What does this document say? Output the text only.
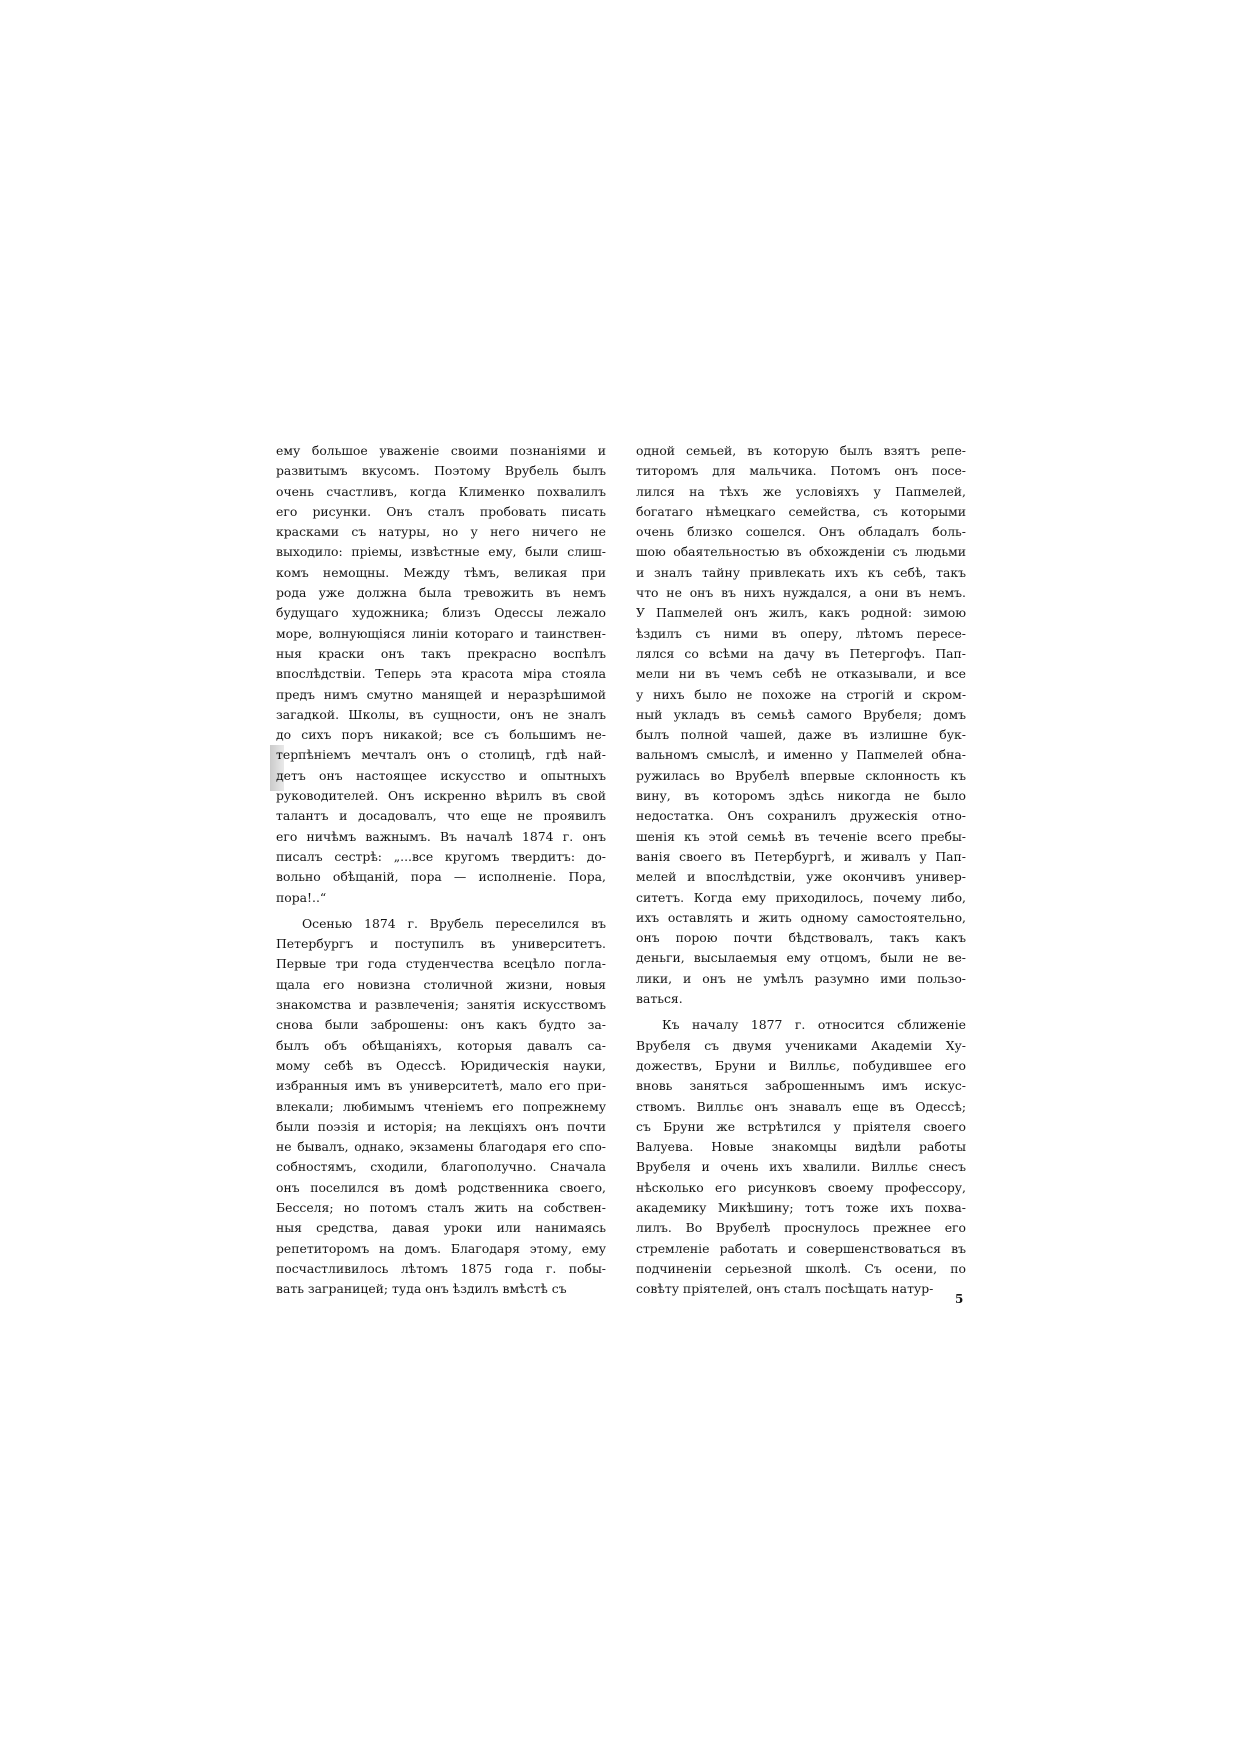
ему большое уваженіе своими познаніями и
развитымъ вкусомъ. Поэтому Врубель былъ
очень счастливъ, когда Клименко похвалилъ
его рисунки. Онъ сталъ пробовать писать
красками съ натуры, но у него ничего не
выходило: пріемы, извѣстные ему, были слиш-
комъ немощны. Между тѣмъ, великая при
рода уже должна была тревожить въ немъ
будущаго художника; близъ Одессы лежало
море, волнующіяся линіи котораго и таинствен-
ныя краски онъ такъ прекрасно воспѣлъ
впослѣдствіи. Теперь эта красота міра стояла
предъ нимъ смутно манящей и неразрѣшимой
загадкой. Школы, въ сущности, онъ не зналъ
до сихъ поръ никакой; все съ большимъ не-
терпѣніемъ мечталъ онъ о столицѣ, гдѣ най-
детъ онъ настоящее искусство и опытныхъ
руководителей. Онъ искренно вѣрилъ въ свой
талантъ и досадовалъ, что еще не проявилъ
его ничѣмъ важнымъ. Въ началѣ 1874 г. онъ
писалъ сестрѣ: „...все кругомъ твердитъ: до-
вольно обѣщаній, пора — исполненіе. Пора,
пора!..“
Осенью 1874 г. Врубель переселился въ
Петербургъ и поступилъ въ университетъ.
Первые три года студенчества всецѣло погла-
щала его новизна столичной жизни, новыя
знакомства и развлеченія; занятія искусствомъ
снова были заброшены: онъ какъ будто за-
былъ объ обѣщаніяхъ, которыя давалъ са-
мому себѣ въ Одессѣ. Юридическія науки,
избранныя имъ въ университетѣ, мало его при-
влекали; любимымъ чтеніемъ его попрежнему
были поэзія и исторія; на лекціяхъ онъ почти
не бывалъ, однако, экзамены благодаря его спо-
собностямъ, сходили, благополучно. Сначала
онъ поселился въ домѣ родственника своего,
Бесселя; но потомъ сталъ жить на собствен-
ныя средства, давая уроки или нанимаясь
репетиторомъ на домъ. Благодаря этому, ему
посчастливилось лѣтомъ 1875 года г. побы-
вать заграницей; туда онъ ѣздилъ вмѣстѣ съ
одной семьей, въ которую былъ взятъ репе-
титоромъ для мальчика. Потомъ онъ посе-
лился на тѣхъ же условіяхъ у Папмелей,
богатаго нѣмецкаго семейства, съ которыми
очень близко сошелся. Онъ обладалъ боль-
шою обаятельностью въ обхожденіи съ людьми
и зналъ тайну привлекать ихъ къ себѣ, такъ
что не онъ въ нихъ нуждался, а они въ немъ.
У Папмелей онъ жилъ, какъ родной: зимою
ѣздилъ съ ними въ оперу, лѣтомъ пересе-
лялся со всѣми на дачу въ Петергофъ. Пап-
мели ни въ чемъ себѣ не отказывали, и все
у нихъ было не похоже на строгій и скром-
ный укладъ въ семьѣ самого Врубеля; домъ
былъ полной чашей, даже въ излишне бук-
вальномъ смыслѣ, и именно у Папмелей обна-
ружилась во Врубелѣ впервые склонность къ
вину, въ которомъ здѣсь никогда не было
недостатка. Онъ сохранилъ дружескія отно-
шенія къ этой семьѣ въ теченіе всего пребы-
ванія своего въ Петербургѣ, и живалъ у Пап-
мелей и впослѣдствіи, уже окончивъ универ-
ситетъ. Когда ему приходилось, почему либо,
ихъ оставлять и жить одному самостоятельно,
онъ порою почти бѣдствовалъ, такъ какъ
деньги, высылаемыя ему отцомъ, были не ве-
лики, и онъ не умѣлъ разумно ими пользо-
ваться.
Къ началу 1877 г. относится сближеніе
Врубеля съ двумя учениками Академіи Ху-
дожествъ, Бруни и Вилльє, побудившее его
вновь заняться заброшеннымъ имъ искус-
ствомъ. Вилльє онъ знавалъ еще въ Одессѣ;
съ Бруни же встрѣтился у пріятеля своего
Валуева. Новые знакомцы видѣли работы
Врубеля и очень ихъ хвалили. Вилльє снесъ
нѣсколько его рисунковъ своему профессору,
академику Микѣшину; тотъ тоже ихъ похва-
лилъ. Во Врубелѣ проснулось прежнее его
стремленіе работать и совершенствоваться въ
подчиненіи серьезной школѣ. Съ осени, по
совѣту пріятелей, онъ сталъ посѣщать натур-
5
